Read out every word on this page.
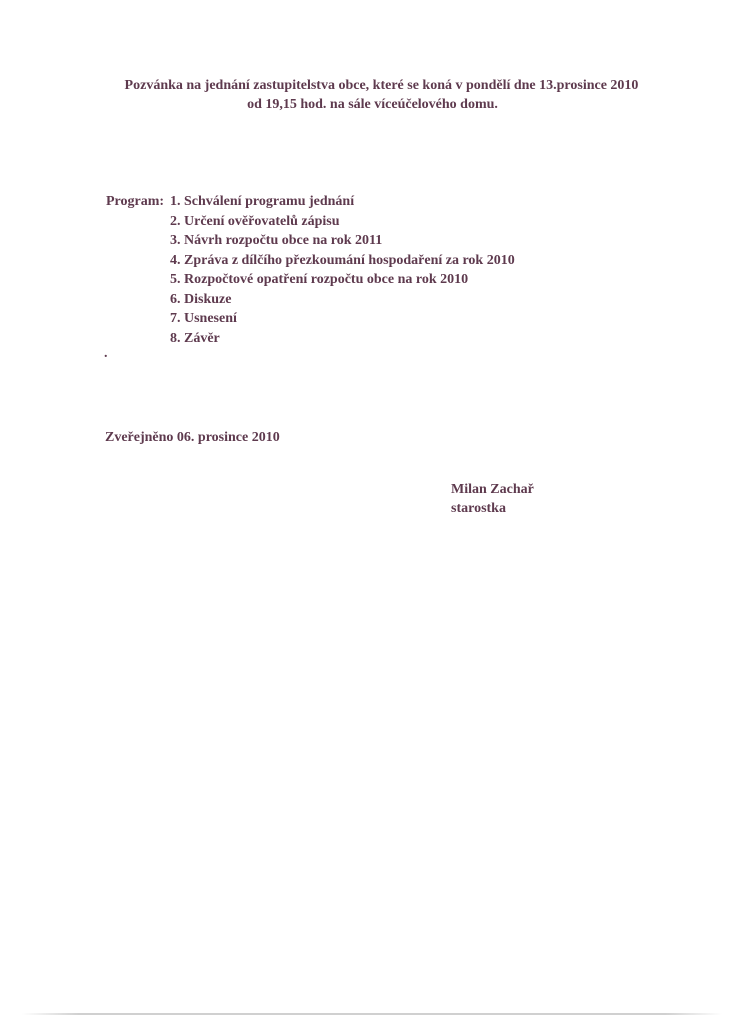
Pozvánka na jednání zastupitelstva obce, které se koná v pondělí dne 13.prosince 2010
od 19,15 hod. na sále víceúčelového domu.
Program: 1. Schválení programu jednání
2. Určení ověřovatelů zápisu
3. Návrh rozpočtu obce na rok 2011
4. Zpráva z dílčího přezkoumání hospodaření za rok 2010
5. Rozpočtové opatření rozpočtu obce na rok 2010
6. Diskuze
7. Usnesení
8. Závěr
.
Zveřejněno 06. prosince 2010
Milan Zachař
starostka
